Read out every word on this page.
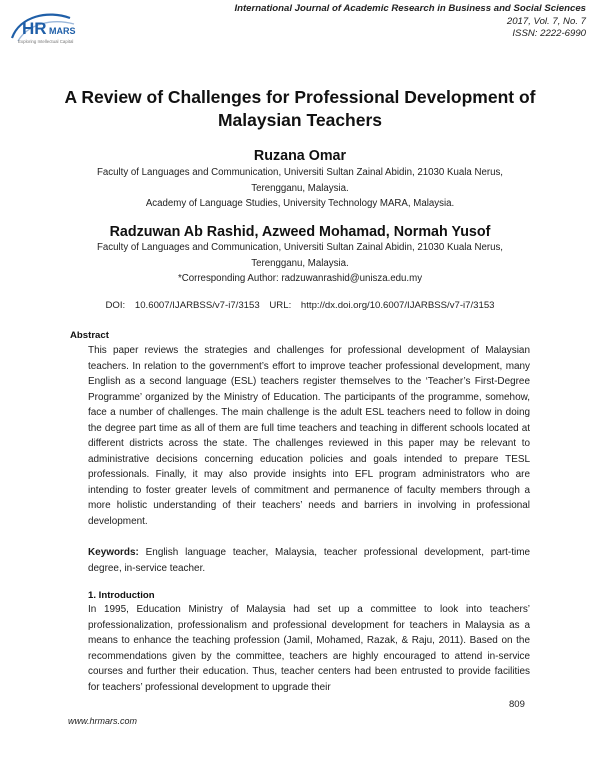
HR MARS
Exploring Intellectual Capital
International Journal of Academic Research in Business and Social Sciences
2017, Vol. 7, No. 7
ISSN: 2222-6990
A Review of Challenges for Professional Development of
Malaysian Teachers
Ruzana Omar
Faculty of Languages and Communication, Universiti Sultan Zainal Abidin, 21030 Kuala Nerus,
Terengganu, Malaysia.
Academy of Language Studies, University Technology MARA, Malaysia.
Radzuwan Ab Rashid, Azweed Mohamad, Normah Yusof
Faculty of Languages and Communication, Universiti Sultan Zainal Abidin, 21030 Kuala Nerus,
Terengganu, Malaysia.
*Corresponding Author: radzuwanrashid@unisza.edu.my
DOI: 10.6007/IJARBSS/v7-i7/3153 URL: http://dx.doi.org/10.6007/IJARBSS/v7-i7/3153
Abstract

This paper reviews the strategies and challenges for professional development of Malaysian teachers. In relation to the government’s effort to improve teacher professional development, many English as a second language (ESL) teachers register themselves to the ‘Teacher’s First-Degree Programme’ organized by the Ministry of Education. The participants of the programme, somehow, face a number of challenges. The main challenge is the adult ESL teachers need to follow in doing the degree part time as all of them are full time teachers and teaching in different schools located at different districts across the state. The challenges reviewed in this paper may be relevant to administrative decisions concerning education policies and goals intended to prepare TESL professionals. Finally, it may also provide insights into EFL program administrators who are intending to foster greater levels of commitment and permanence of faculty members through a more holistic understanding of their teachers’ needs and barriers in involving in professional development.

Keywords: English language teacher, Malaysia, teacher professional development, part-time degree, in-service teacher.

1. Introduction

In 1995, Education Ministry of Malaysia had set up a committee to look into teachers’ professionalization, professionalism and professional development for teachers in Malaysia as a means to enhance the teaching profession (Jamil, Mohamed, Razak, & Raju, 2011). Based on the recommendations given by the committee, teachers are highly encouraged to attend in-service courses and further their education. Thus, teacher centers had been entrusted to provide facilities for teachers’ professional development to upgrade their

809
www.hrmars.com
